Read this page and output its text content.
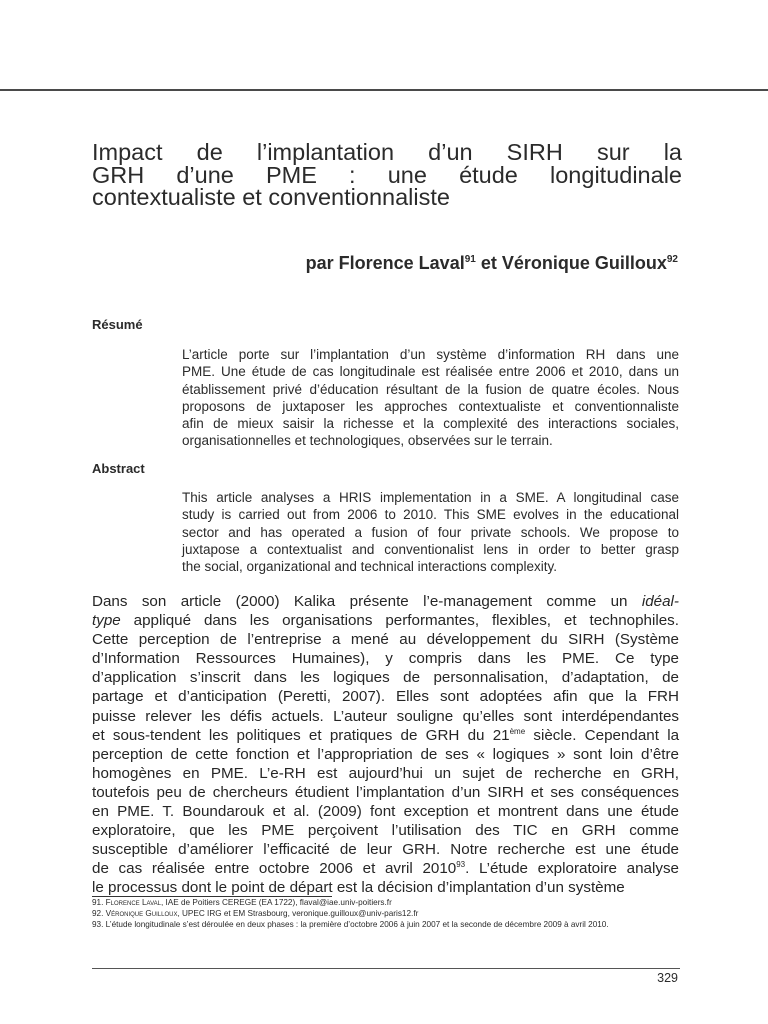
Impact de l’implantation d’un SIRH sur la
GRH d’une PME : une étude longitudinale
contextualiste et conventionnaliste

par Florence Laval$^{91}$ et Véronique Guilloux$^{92}$

Résumé

L’article porte sur l’implantation d’un système d’information RH dans une
PME. Une étude de cas longitudinale est réalisée entre 2006 et 2010, dans un
établissement privé d’éducation résultant de la fusion de quatre écoles. Nous
proposons de juxtaposer les approches contextualiste et conventionnaliste
afin de mieux saisir la richesse et la complexité des interactions sociales,
organisationnelles et technologiques, observées sur le terrain.

Abstract

This article analyses a HRIS implementation in a SME. A longitudinal case
study is carried out from 2006 to 2010. This SME evolves in the educational
sector and has operated a fusion of four private schools. We propose to
juxtapose a contextualist and conventionalist lens in order to better grasp
the social, organizational and technical interactions complexity.

Dans son article (2000) Kalika présente l’e-management comme un idéal-
type appliqué dans les organisations performantes, flexibles, et technophiles.
Cette perception de l’entreprise a mené au développement du SIRH (Système
d’Information Ressources Humaines), y compris dans les PME. Ce type
d’application s’inscrit dans les logiques de personnalisation, d’adaptation, de
partage et d’anticipation (Peretti, 2007). Elles sont adoptées afin que la FRH
puisse relever les défis actuels. L’auteur souligne qu’elles sont interdépendantes
et sous-tendent les politiques et pratiques de GRH du 21ème siècle. Cependant la
perception de cette fonction et l’appropriation de ses « logiques » sont loin d’être
homogènes en PME. L’e-RH est aujourd’hui un sujet de recherche en GRH,
toutefois peu de chercheurs étudient l’implantation d’un SIRH et ses conséquences
en PME. T. Boundarouk et al. (2009) font exception et montrent dans une étude
exploratoire, que les PME perçoivent l’utilisation des TIC en GRH comme
susceptible d’améliorer l’efficacité de leur GRH. Notre recherche est une étude
de cas réalisée entre octobre 2006 et avril 2010$^{93}$. L’étude exploratoire analyse
le processus dont le point de départ est la décision d’implantation d’un système

91. Florence Laval, IAE de Poitiers CEREGE (EA 1722), flaval@iae.univ-poitiers.fr
92. Véronique Guilloux, UPEC IRG et EM Strasbourg, veronique.guilloux@univ-paris12.fr
93. L’étude longitudinale s’est déroulée en deux phases : la première d’octobre 2006 à juin 2007 et la seconde de décembre 2009 à avril 2010.
329
